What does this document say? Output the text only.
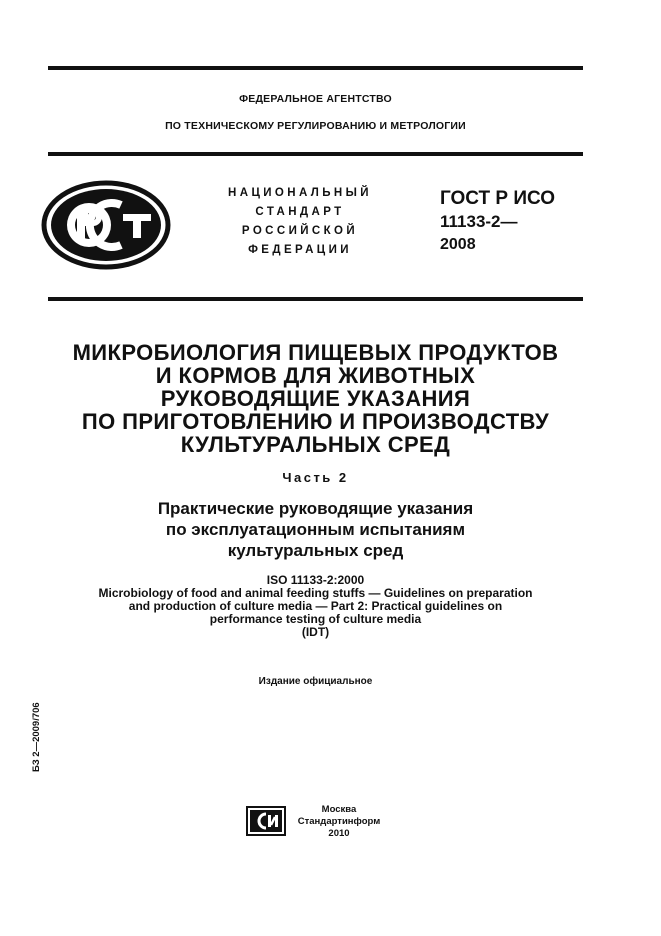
ФЕДЕРАЛЬНОЕ АГЕНТСТВО
ПО ТЕХНИЧЕСКОМУ РЕГУЛИРОВАНИЮ И МЕТРОЛОГИИ
НАЦИОНАЛЬНЫЙ
СТАНДАРТ
РОССИЙСКОЙ
ФЕДЕРАЦИИ
ГОСТ Р ИСО
11133-2—
2008
МИКРОБИОЛОГИЯ ПИЩЕВЫХ ПРОДУКТОВ
И КОРМОВ ДЛЯ ЖИВОТНЫХ
РУКОВОДЯЩИЕ УКАЗАНИЯ
ПО ПРИГОТОВЛЕНИЮ И ПРОИЗВОДСТВУ
КУЛЬТУРАЛЬНЫХ СРЕД
Часть 2
Практические руководящие указания
по эксплуатационным испытаниям
культуральных сред
ISO 11133-2:2000
Microbiology of food and animal feeding stuffs — Guidelines on preparation
and production of culture media — Part 2: Practical guidelines on
performance testing of culture media
(IDT)
Издание официальное
БЗ 2—2009/706
Москва
Стандартинформ
2010
